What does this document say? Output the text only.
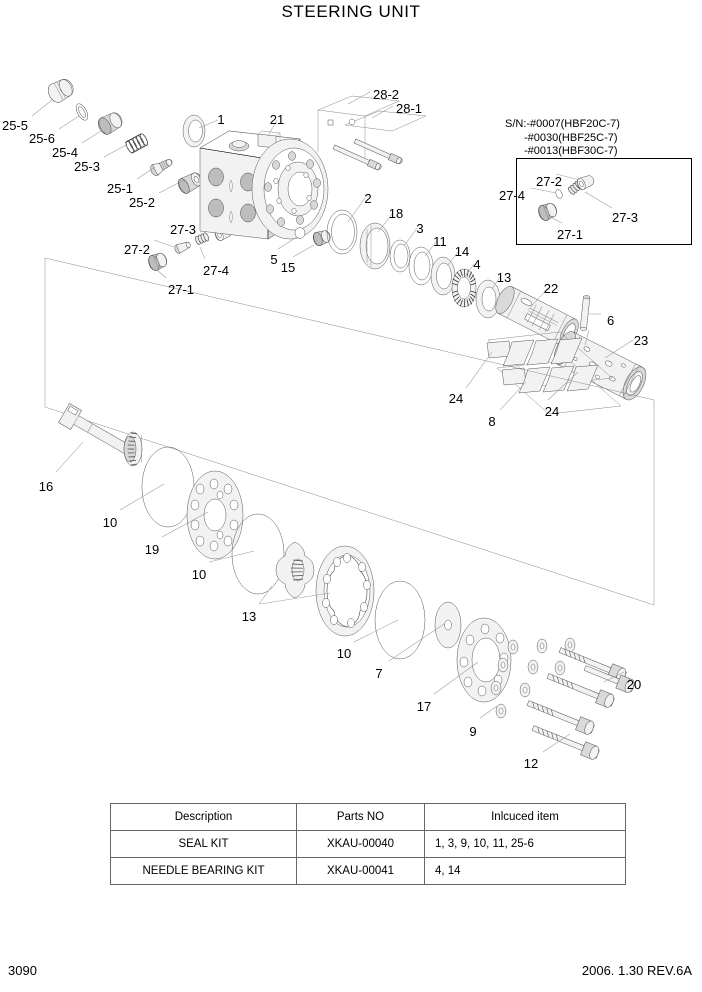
STEERING UNIT
S/N:-#0007(HBF20C-7)
-#0030(HBF25C-7)
-#0013(HBF30C-7)
25-5
25-6
25-4
25-3
25-1
25-2
27-3
27-2
27-4
27-1
1	21
28-2
28-1
2
18
3
11
14
4
13
5
15
22
6
23
24
8
24
16
10
19
10
13
10
7
17
9
20
12
27-2
27-4
27-3
27-1
Description	Parts NO	Inlcuced item
SEAL KIT	XKAU-00040	1, 3, 9, 10, 11, 25-6
NEEDLE BEARING KIT	XKAU-00041	4, 14
3090	2006. 1.30 REV.6A
